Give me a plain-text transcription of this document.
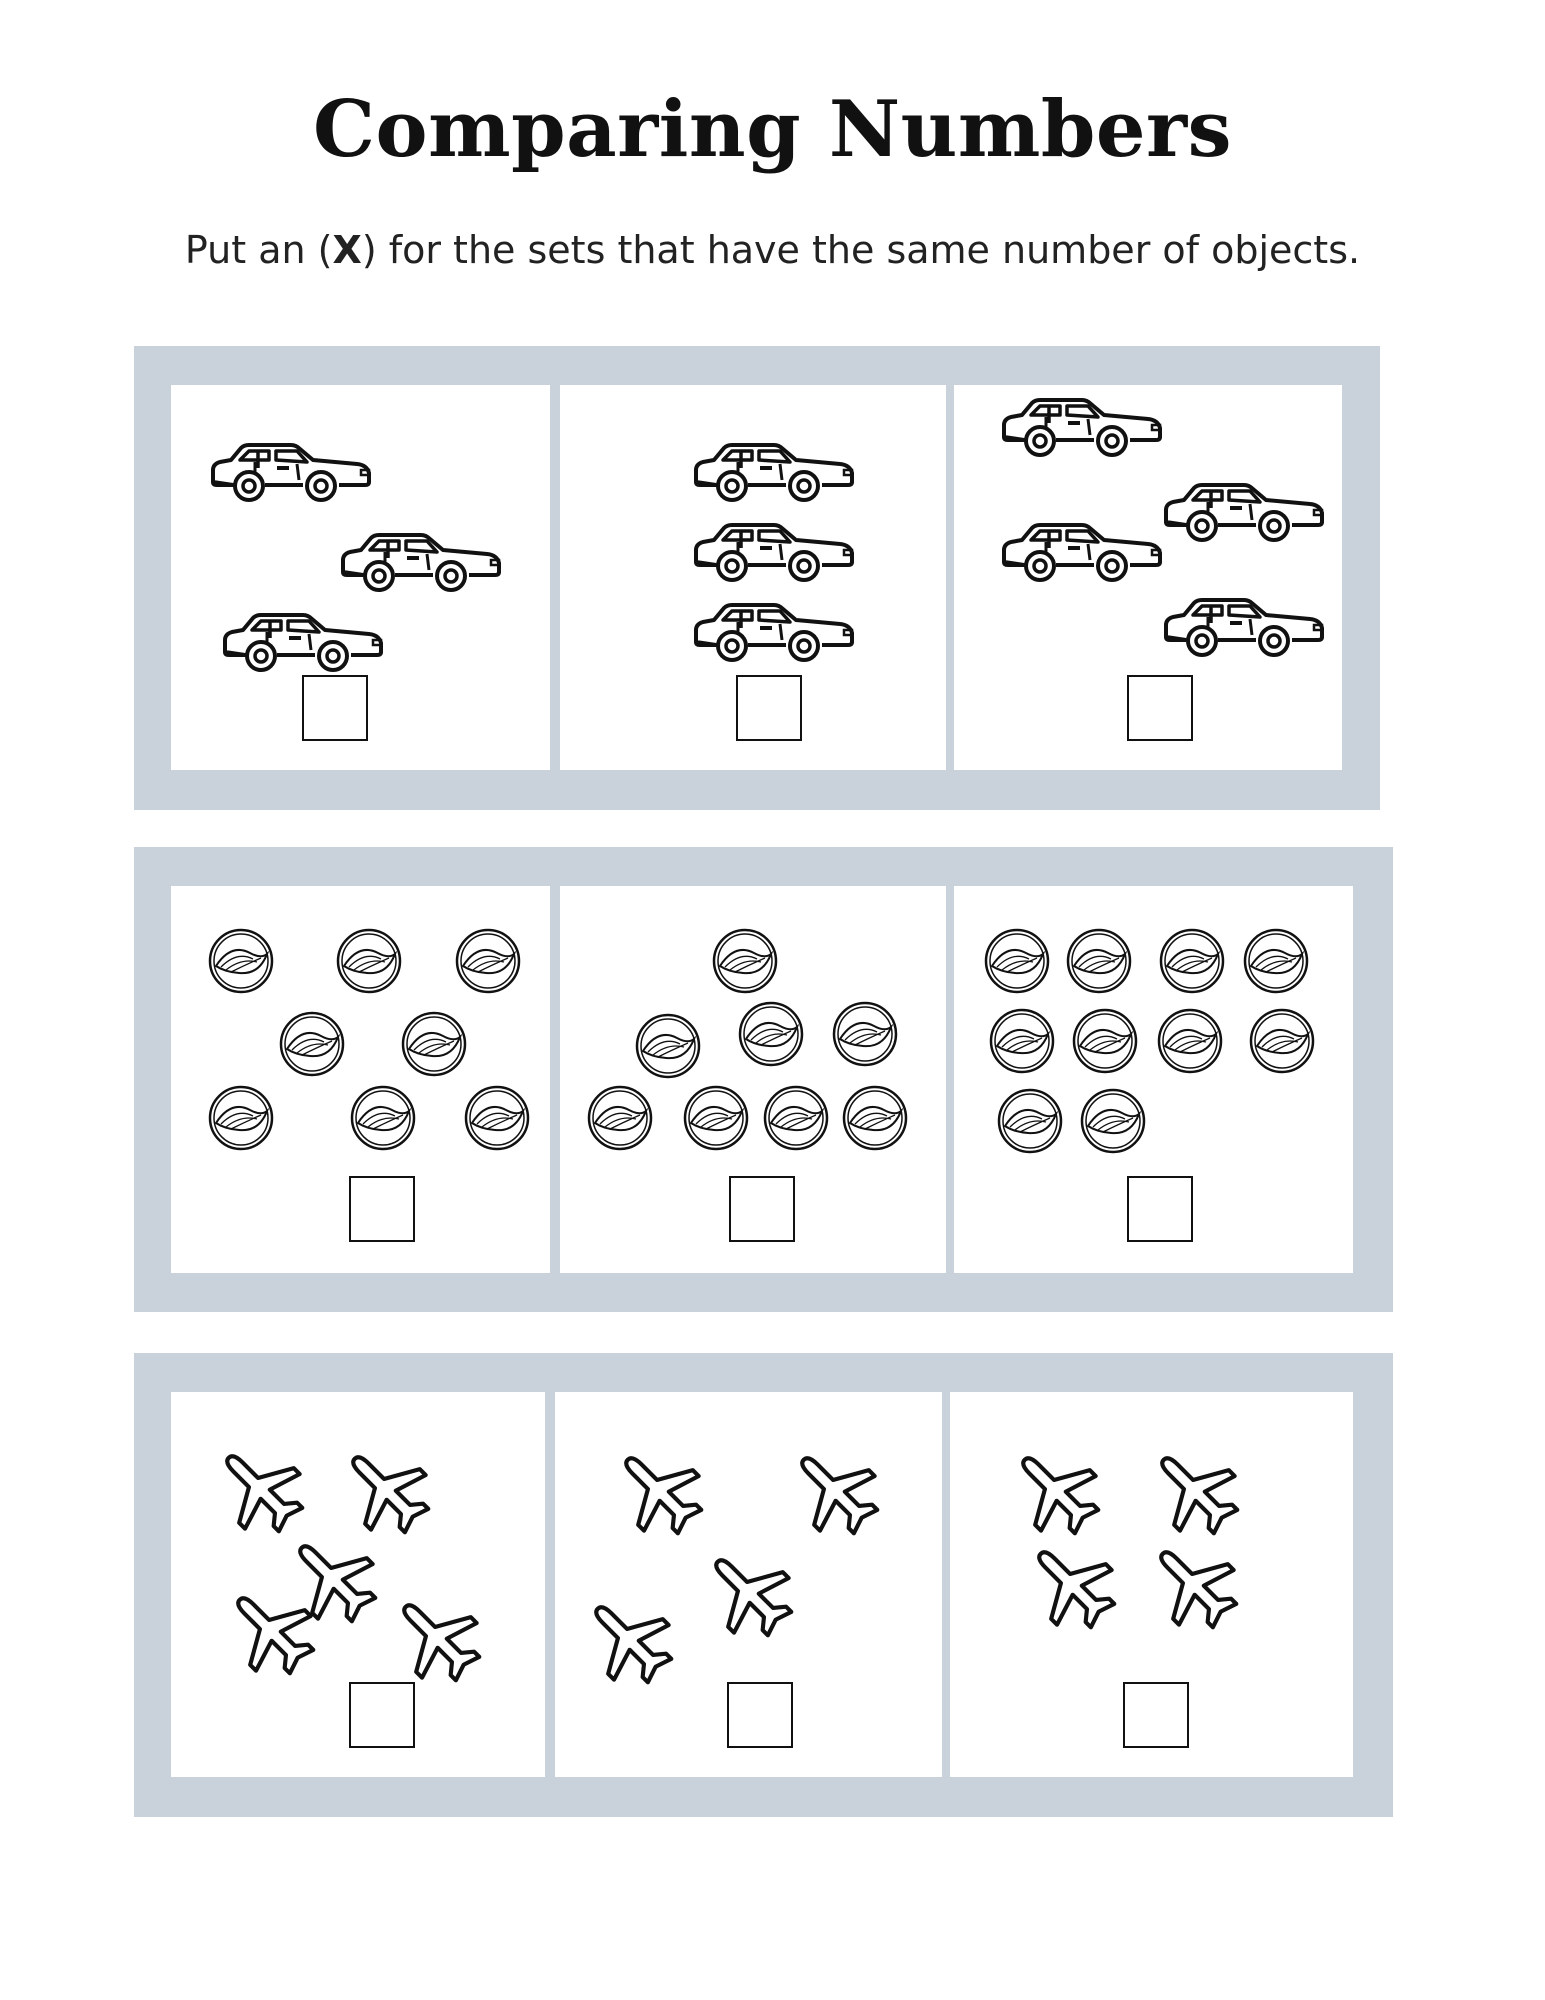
Comparing Numbers
Put an (X) for the sets that have the same number of objects.
